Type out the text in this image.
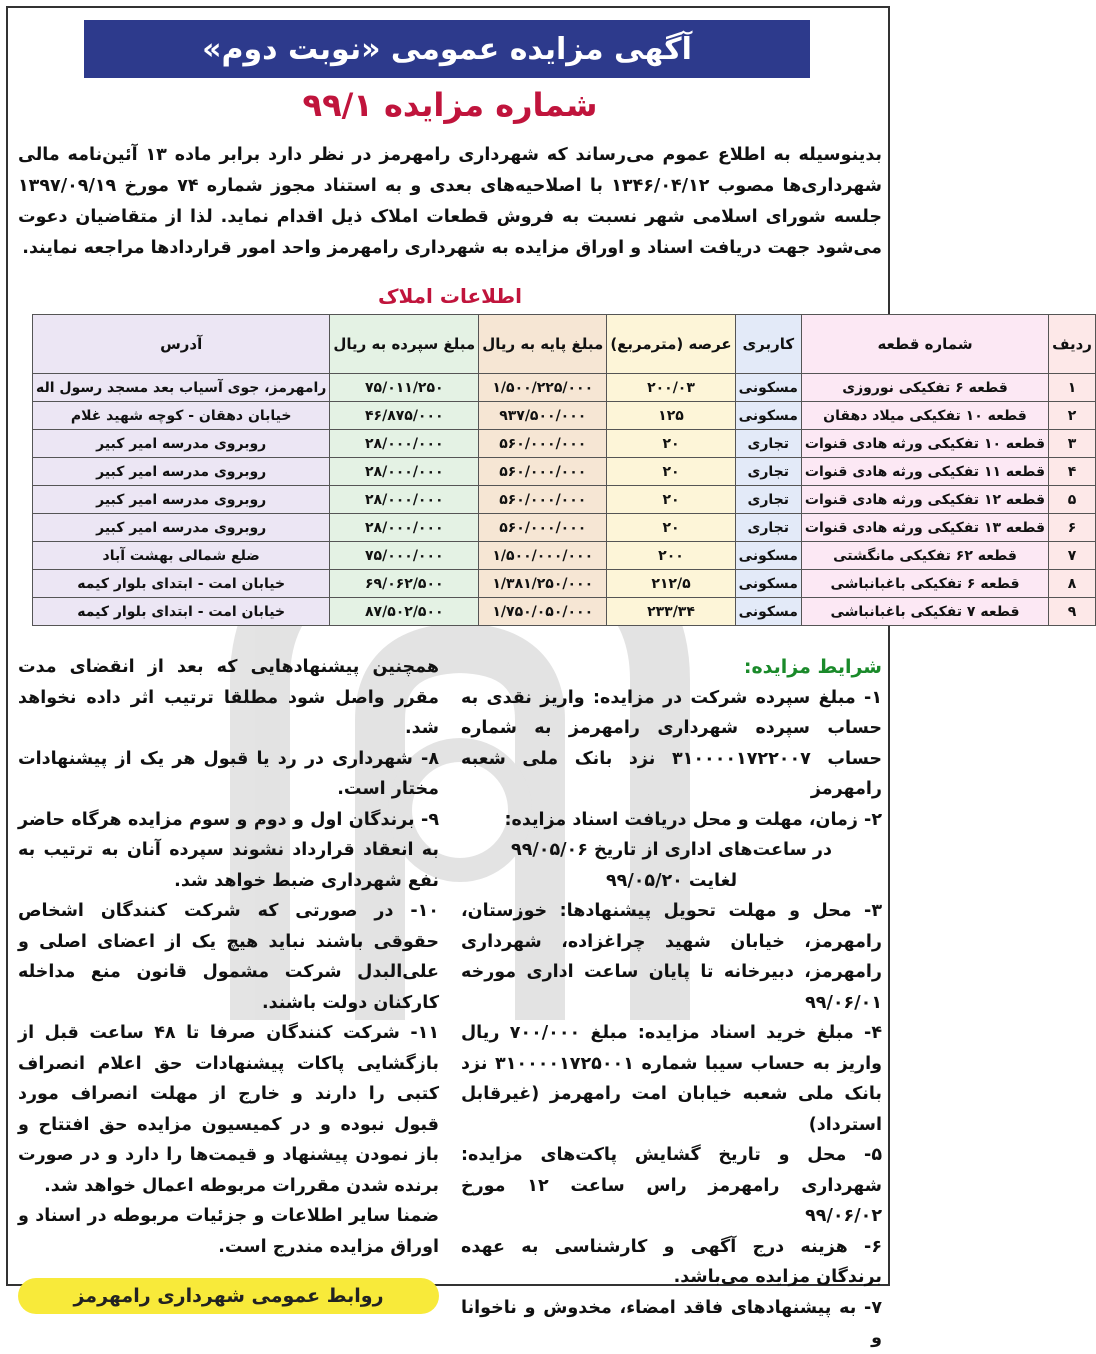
آگهی مزایده عمومی «نوبت دوم»
شماره مزایده ۹۹/۱

بدینوسیله به اطلاع عموم می‌رساند که شهرداری رامهرمز در نظر دارد برابر ماده ۱۳ آئین‌نامه مالی شهرداری‌ها مصوب ۱۳۴۶/۰۴/۱۲ با اصلاحیه‌های بعدی و به استناد مجوز شماره ۷۴ مورخ ۱۳۹۷/۰۹/۱۹ جلسه شورای اسلامی شهر نسبت به فروش قطعات املاک ذیل اقدام نماید. لذا از متقاضیان دعوت می‌شود جهت دریافت اسناد و اوراق مزایده به شهرداری رامهرمز واحد امور قراردادها مراجعه نمایند.

اطلاعات املاک
ردیف	شماره قطعه	کاربری	عرصه (مترمربع)	مبلغ پایه به ریال	مبلغ سپرده به ریال	آدرس
۱	قطعه ۶ تفکیکی نوروزی	مسکونی	۲۰۰/۰۳	۱/۵۰۰/۲۲۵/۰۰۰	۷۵/۰۱۱/۲۵۰	رامهرمز، جوی آسیاب بعد مسجد رسول اله
۲	قطعه ۱۰ تفکیکی میلاد دهقان	مسکونی	۱۲۵	۹۳۷/۵۰۰/۰۰۰	۴۶/۸۷۵/۰۰۰	خیابان دهقان - کوچه شهید غلام
۳	قطعه ۱۰ تفکیکی ورثه هادی قنوات	تجاری	۲۰	۵۶۰/۰۰۰/۰۰۰	۲۸/۰۰۰/۰۰۰	روبروی مدرسه امیر کبیر
۴	قطعه ۱۱ تفکیکی ورثه هادی قنوات	تجاری	۲۰	۵۶۰/۰۰۰/۰۰۰	۲۸/۰۰۰/۰۰۰	روبروی مدرسه امیر کبیر
۵	قطعه ۱۲ تفکیکی ورثه هادی قنوات	تجاری	۲۰	۵۶۰/۰۰۰/۰۰۰	۲۸/۰۰۰/۰۰۰	روبروی مدرسه امیر کبیر
۶	قطعه ۱۳ تفکیکی ورثه هادی قنوات	تجاری	۲۰	۵۶۰/۰۰۰/۰۰۰	۲۸/۰۰۰/۰۰۰	روبروی مدرسه امیر کبیر
۷	قطعه ۶۲ تفکیکی مانگشتی	مسکونی	۲۰۰	۱/۵۰۰/۰۰۰/۰۰۰	۷۵/۰۰۰/۰۰۰	ضلع شمالی بهشت آباد
۸	قطعه ۶ تفکیکی باغبانباشی	مسکونی	۲۱۲/۵	۱/۳۸۱/۲۵۰/۰۰۰	۶۹/۰۶۲/۵۰۰	خیابان امت - ابتدای بلوار کیمه
۹	قطعه ۷ تفکیکی باغبانباشی	مسکونی	۲۳۳/۳۴	۱/۷۵۰/۰۵۰/۰۰۰	۸۷/۵۰۲/۵۰۰	خیابان امت - ابتدای بلوار کیمه

شرایط مزایده:

۱- مبلغ سپرده شرکت در مزایده: واریز نقدی به حساب سپرده شهرداری رامهرمز به شماره حساب ۳۱۰۰۰۰۱۷۲۲۰۰۷ نزد بانک ملی شعبه رامهرمز

۲- زمان، مهلت و محل دریافت اسناد مزایده:

در ساعت‌های اداری از تاریخ ۹۹/۰۵/۰۶

لغایت ۹۹/۰۵/۲۰

۳- محل و مهلت تحویل پیشنهادها: خوزستان، رامهرمز، خیابان شهید چراغزاده، شهرداری رامهرمز، دبیرخانه تا پایان ساعت اداری مورخه ۹۹/۰۶/۰۱

۴- مبلغ خرید اسناد مزایده: مبلغ ۷۰۰/۰۰۰ ریال واریز به حساب سیبا شماره ۳۱۰۰۰۰۱۷۲۵۰۰۱ نزد بانک ملی شعبه خیابان امت رامهرمز (غیرقابل استرداد)

۵- محل و تاریخ گشایش پاکت‌های مزایده: شهرداری رامهرمز راس ساعت ۱۲ مورخ ۹۹/۰۶/۰۲

۶- هزینه درج آگهی و کارشناسی به عهده برندگان مزایده می‌باشد.

۷- به پیشنهادهای فاقد امضاء، مخدوش و ناخوانا و

همچنین پیشنهادهایی که بعد از انقضای مدت مقرر واصل شود مطلقا ترتیب اثر داده نخواهد شد.

۸- شهرداری در رد یا قبول هر یک از پیشنهادات مختار است.

۹- برندگان اول و دوم و سوم مزایده هرگاه حاضر به انعقاد قرارداد نشوند سپرده آنان به ترتیب به نفع شهرداری ضبط خواهد شد.

۱۰- در صورتی که شرکت کنندگان اشخاص حقوقی باشند نباید هیچ یک از اعضای اصلی و علی‌البدل شرکت مشمول قانون منع مداخله کارکنان دولت باشند.

۱۱- شرکت کنندگان صرفا تا ۴۸ ساعت قبل از بازگشایی پاکات پیشنهادات حق اعلام انصراف کتبی را دارند و خارج از مهلت انصراف مورد قبول نبوده و در کمیسیون مزایده حق افتتاح و باز نمودن پیشنهاد و قیمت‌ها را دارد و در صورت برنده شدن مقررات مربوطه اعمال خواهد شد.

ضمنا سایر اطلاعات و جزئیات مربوطه در اسناد و اوراق مزایده مندرج است.

روابط عمومی شهرداری رامهرمز
